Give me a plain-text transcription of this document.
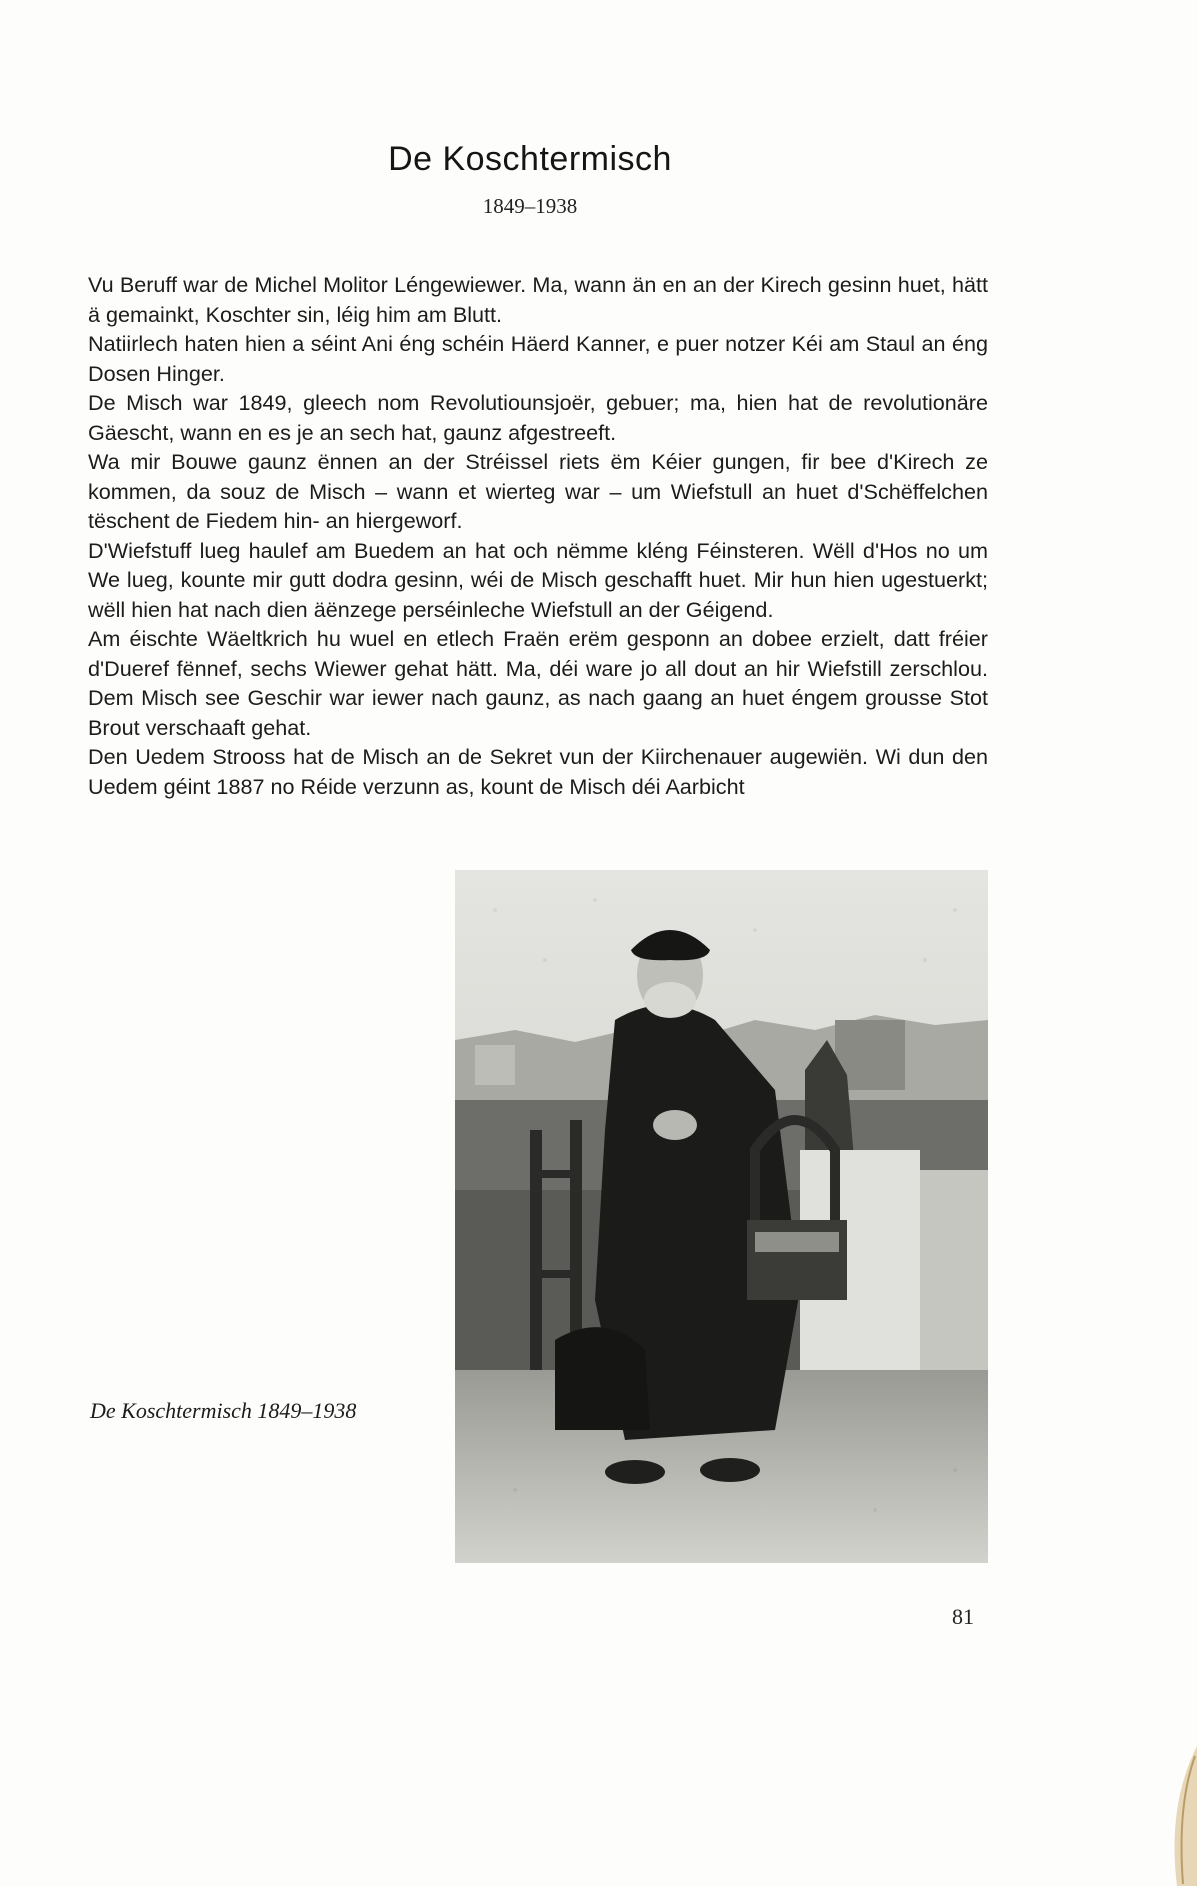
De Koschtermisch
1849–1938

Vu Beruff war de Michel Molitor Léngewiewer. Ma, wann än en an der Kirech gesinn huet, hätt ä gemainkt, Koschter sin, léig him am Blutt.

Natiirlech haten hien a séint Ani éng schéin Häerd Kanner, e puer notzer Kéi am Staul an éng Dosen Hinger.

De Misch war 1849, gleech nom Revolutiounsjoër, gebuer; ma, hien hat de revolutionäre Gäescht, wann en es je an sech hat, gaunz afgestreeft.

Wa mir Bouwe gaunz ënnen an der Stréissel riets ëm Kéier gungen, fir bee d'Kirech ze kommen, da souz de Misch – wann et wierteg war – um Wiefstull an huet d'Schëffelchen tëschent de Fiedem hin- an hiergeworf.

D'Wiefstuff lueg haulef am Buedem an hat och nëmme kléng Féinsteren. Wëll d'Hos no um We lueg, kounte mir gutt dodra gesinn, wéi de Misch geschafft huet. Mir hun hien ugestuerkt; wëll hien hat nach dien äënzege perséinleche Wiefstull an der Géigend.

Am éischte Wäeltkrich hu wuel en etlech Fraën erëm gesponn an dobee erzielt, datt fréier d'Dueref fënnef, sechs Wiewer gehat hätt. Ma, déi ware jo all dout an hir Wiefstill zerschlou. Dem Misch see Geschir war iewer nach gaunz, as nach gaang an huet éngem grousse Stot Brout verschaaft gehat.

Den Uedem Strooss hat de Misch an de Sekret vun der Kiirchenauer augewiën. Wi dun den Uedem géint 1887 no Réide verzunn as, kount de Misch déi Aarbicht

De Koschtermisch 1849–1938
81
